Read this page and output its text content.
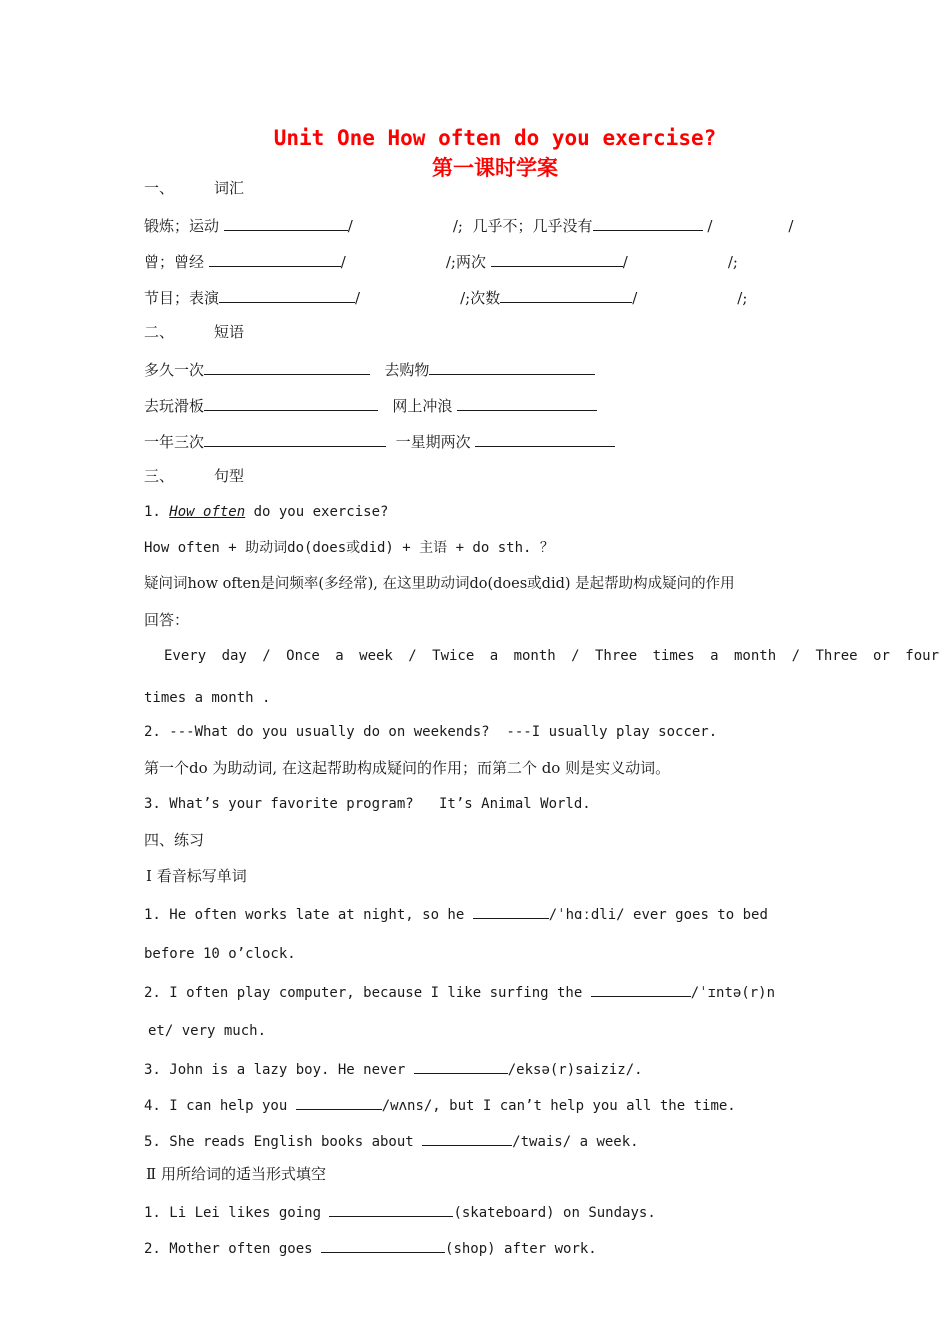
Unit One How often do you exercise?
第一课时学案
一、	词汇
锻炼；运动	/	/; 几乎不；几乎没有	/	/
曾；曾经	/	/;两次	/	/;
节目；表演	/	/;次数	/	/;
二、	短语
多久一次	去购物
去玩滑板	网上冲浪
一年三次	一星期两次
三、	句型
1. How often do you exercise?
How often + 助动词do(does或did) + 主语 + do sth. ？
疑问词how often是问频率(多经常), 在这里助动词do(does或did) 是起帮助构成疑问的作用
回答：
Every day / Once a week / Twice a month / Three times a month / Three or four
times a month .
2. ---What do you usually do on weekends?  ---I usually play soccer.
第一个do 为助动词, 在这起帮助构成疑问的作用；而第二个 do 则是实义动词。
3. What’s your favorite program?   It’s Animal World.
四、练习
Ⅰ 看音标写单词
1. He often works late at night, so he	/ˈhɑːdli/ ever goes to bed
before 10 o’clock.
2. I often play computer, because I like surfing the	/ˈɪntə(r)n
et/ very much.
3. John is a lazy boy. He never	/eksə(r)saiziz/.
4. I can help you	/wʌns/, but I can’t help you all the time.
5. She reads English books about	/twais/ a week.
Ⅱ 用所给词的适当形式填空
1. Li Lei likes going	(skateboard) on Sundays.
2. Mother often goes	(shop) after work.
